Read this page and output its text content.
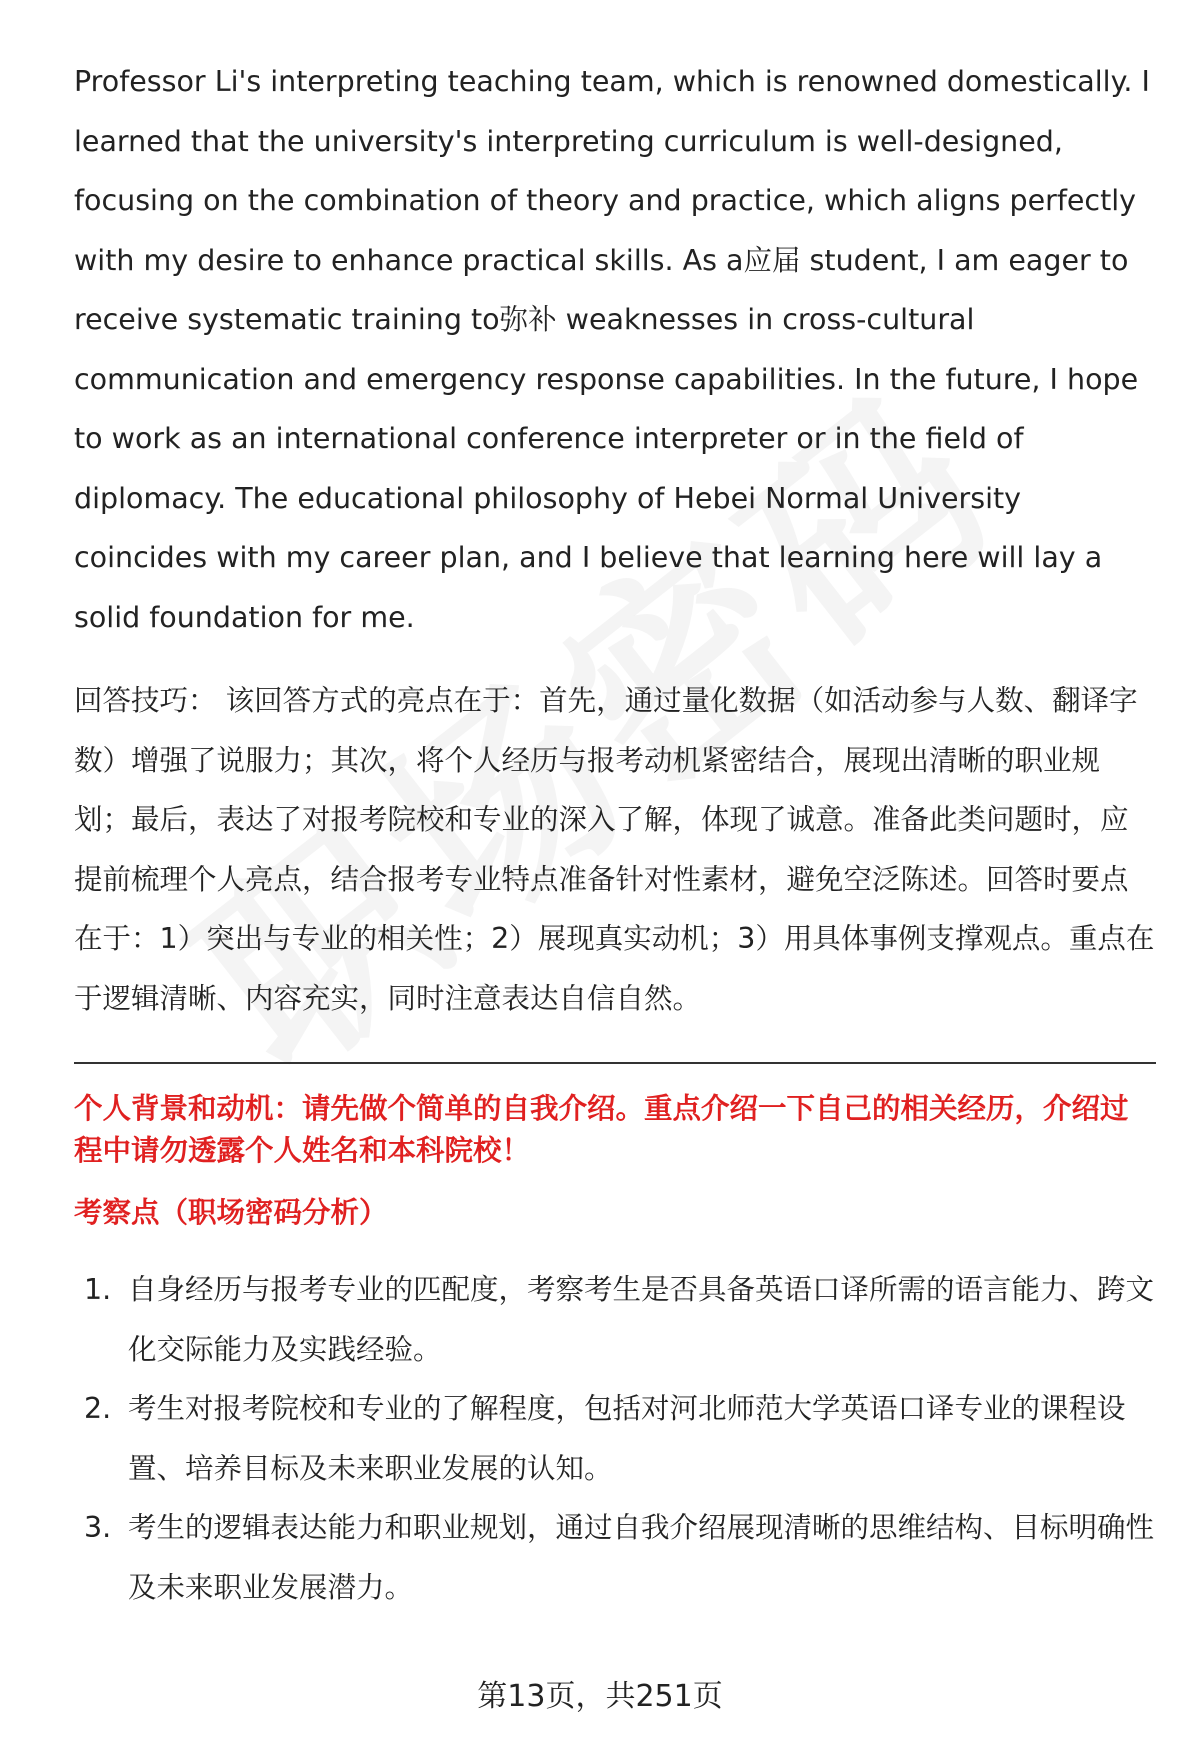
Professor Li's interpreting teaching team, which is renowned domestically. I learned that the university's interpreting curriculum is well-designed, focusing on the combination of theory and practice, which aligns perfectly with my desire to enhance practical skills. As a应届 student, I am eager to receive systematic training to弥补 weaknesses in cross-cultural communication and emergency response capabilities. In the future, I hope to work as an international conference interpreter or in the field of diplomacy. The educational philosophy of Hebei Normal University coincides with my career plan, and I believe that learning here will lay a solid foundation for me.

回答技巧： 该回答方式的亮点在于：首先，通过量化数据（如活动参与人数、翻译字数）增强了说服力；其次，将个人经历与报考动机紧密结合，展现出清晰的职业规划；最后，表达了对报考院校和专业的深入了解，体现了诚意。准备此类问题时，应提前梳理个人亮点，结合报考专业特点准备针对性素材，避免空泛陈述。回答时要点在于：1）突出与专业的相关性；2）展现真实动机；3）用具体事例支撑观点。重点在于逻辑清晰、内容充实，同时注意表达自信自然。

个人背景和动机：请先做个简单的自我介绍。重点介绍一下自己的相关经历，介绍过程中请勿透露个人姓名和本科院校！

考察点（职场密码分析）

1. 自身经历与报考专业的匹配度，考察考生是否具备英语口译所需的语言能力、跨文化交际能力及实践经验。
2. 考生对报考院校和专业的了解程度，包括对河北师范大学英语口译专业的课程设置、培养目标及未来职业发展的认知。
3. 考生的逻辑表达能力和职业规划，通过自我介绍展现清晰的思维结构、目标明确性及未来职业发展潜力。
第13页，共251页
